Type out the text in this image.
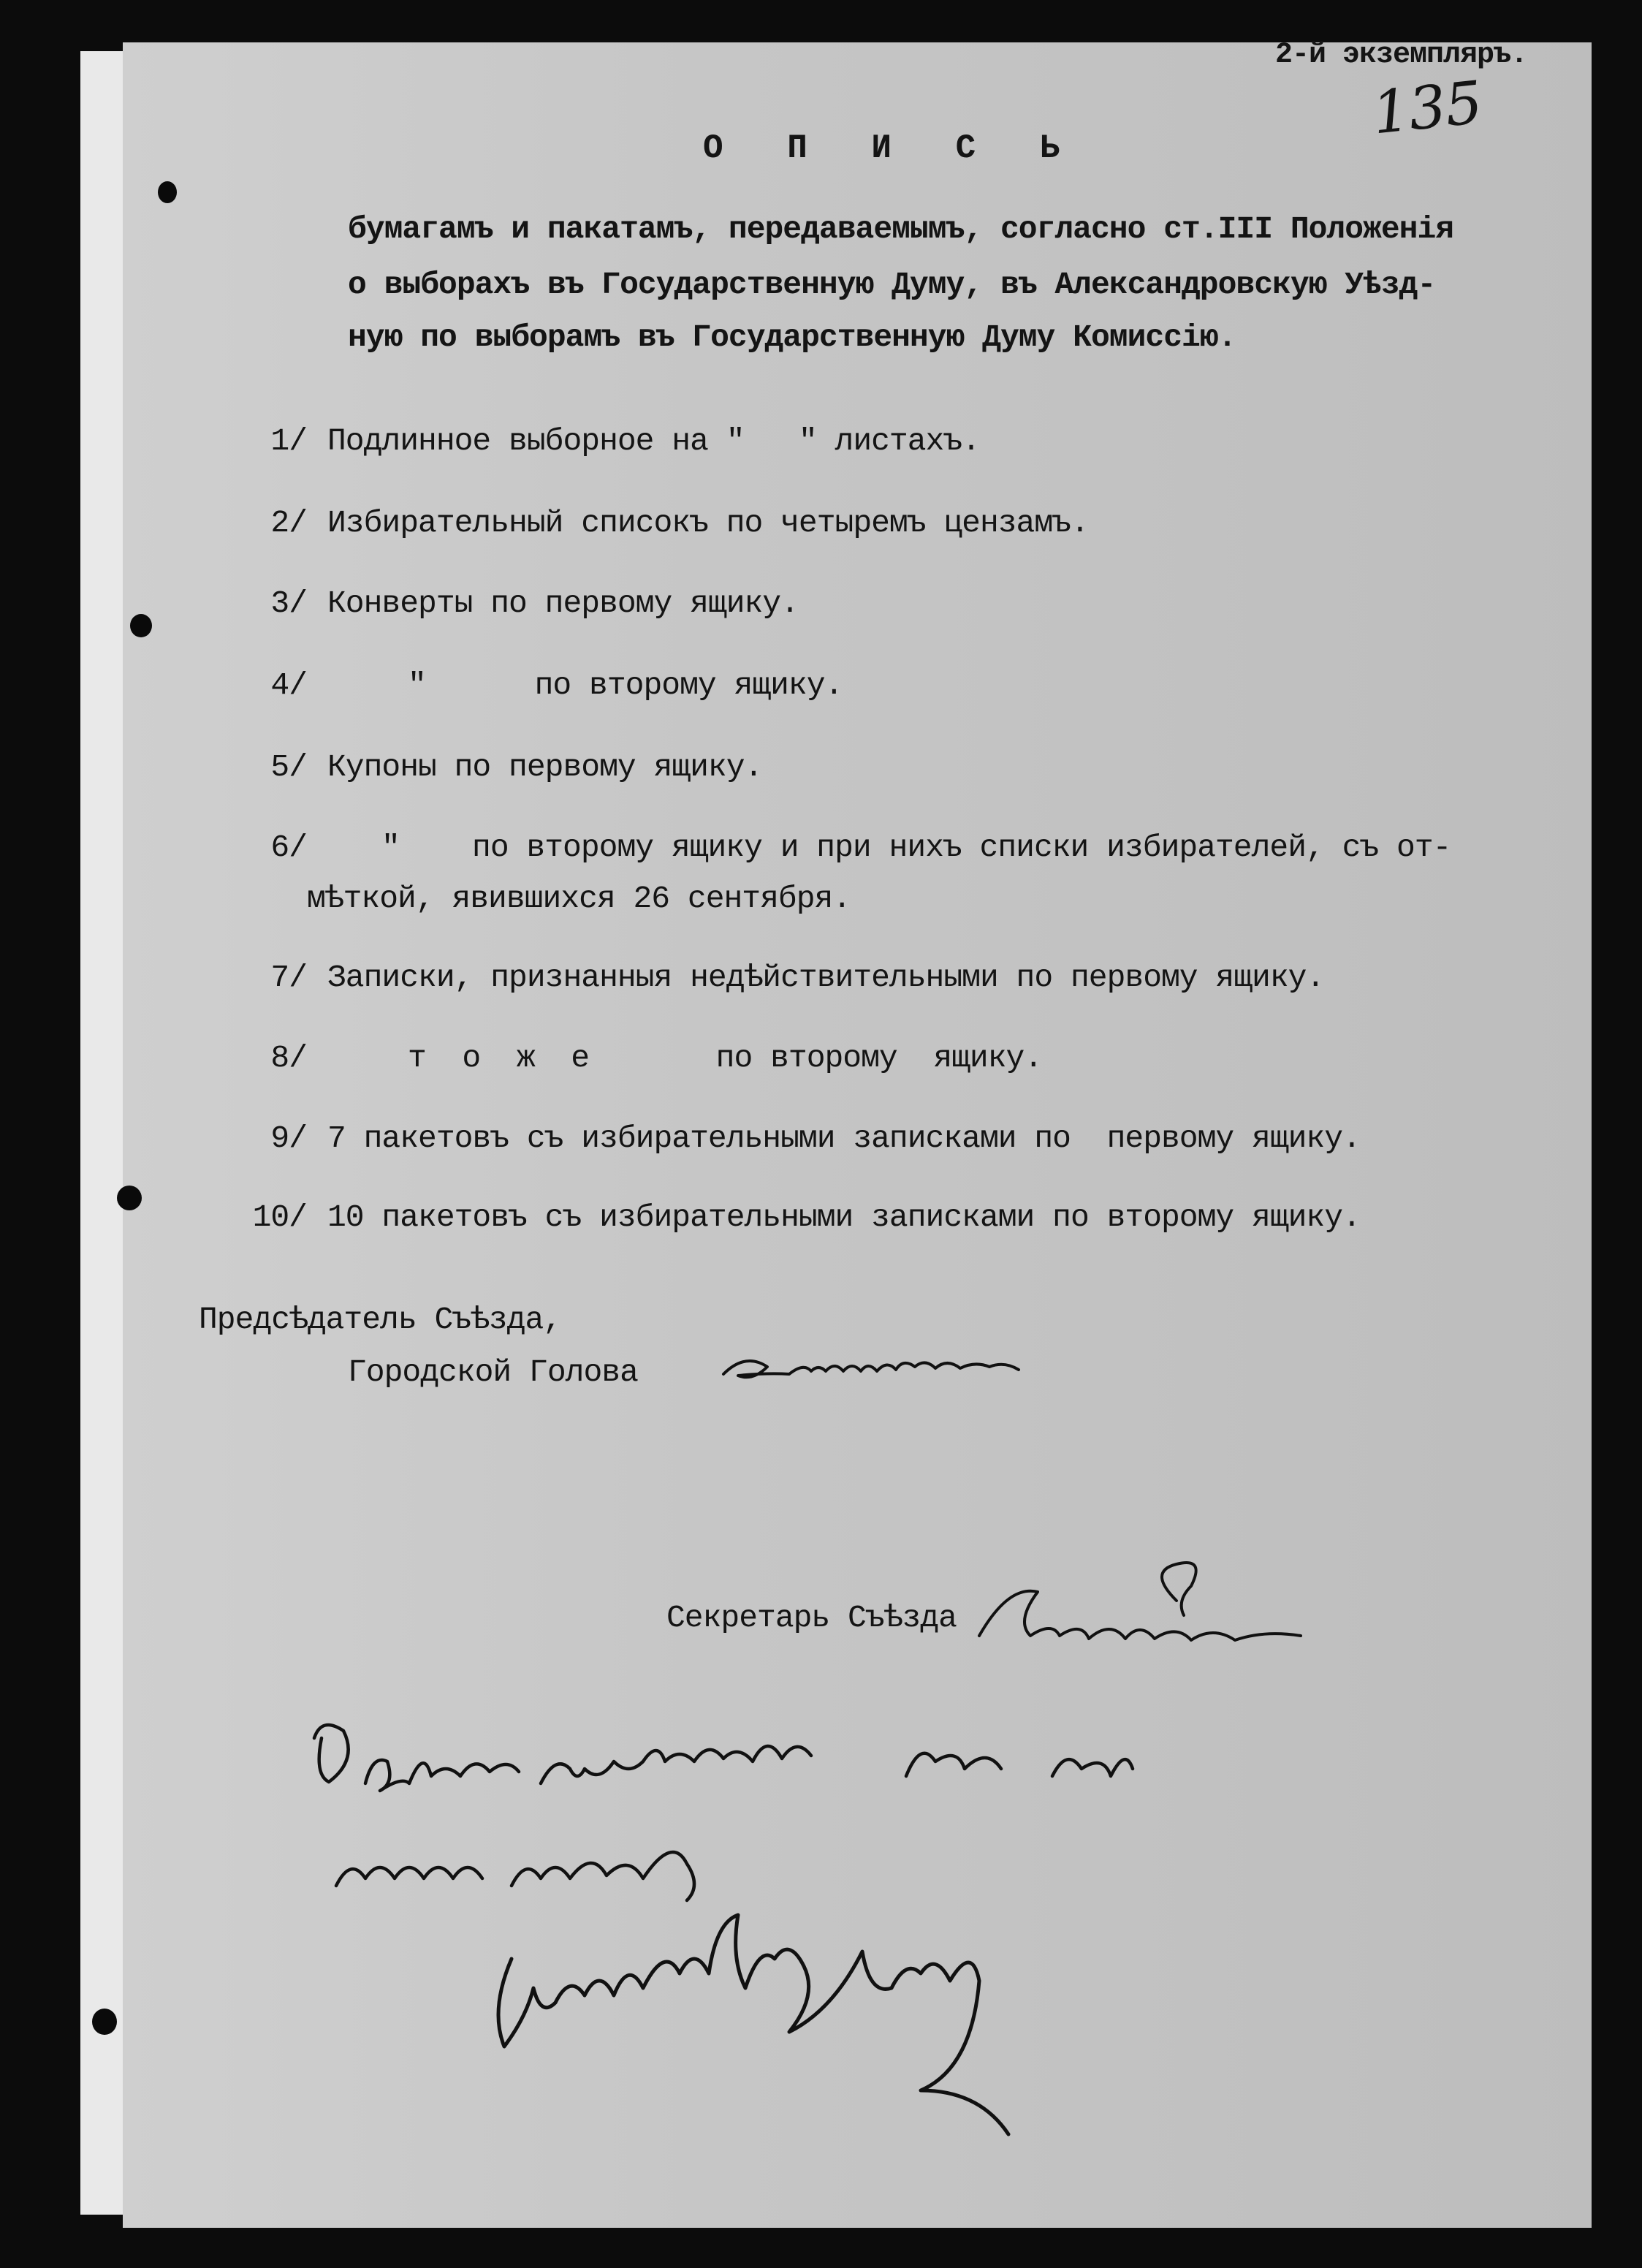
2-й экземпляръ.

135

О П И С Ь

бумагамъ и пакатамъ, передаваемымъ, согласно ст.III Положенія

о выборахъ въ Государственную Думу, въ Александровскую Уѣзд-

ную по выборамъ въ Государственную Думу Комиссію.

1/ Подлинное выборное на "   " листахъ.

2/ Избирательный списокъ по четыремъ цензамъ.

3/ Конверты по первому ящику.

4/	"      по второму ящику.

5/ Купоны по первому ящику.

6/ "    по второму ящику и при нихъ списки избирателей, съ от-

мѣткой, явившихся 26 сентября.

7/ Записки, признанныя недѣйствительными по первому ящику.

8/	т  о  ж  е       по второму  ящику.

9/ 7 пакетовъ съ избирательными записками по  первому ящику.

10/ 10 пакетовъ съ избирательными записками по второму ящику.

Предсѣдатель Съѣзда,

Городской Голова

Секретарь Съѣзда
